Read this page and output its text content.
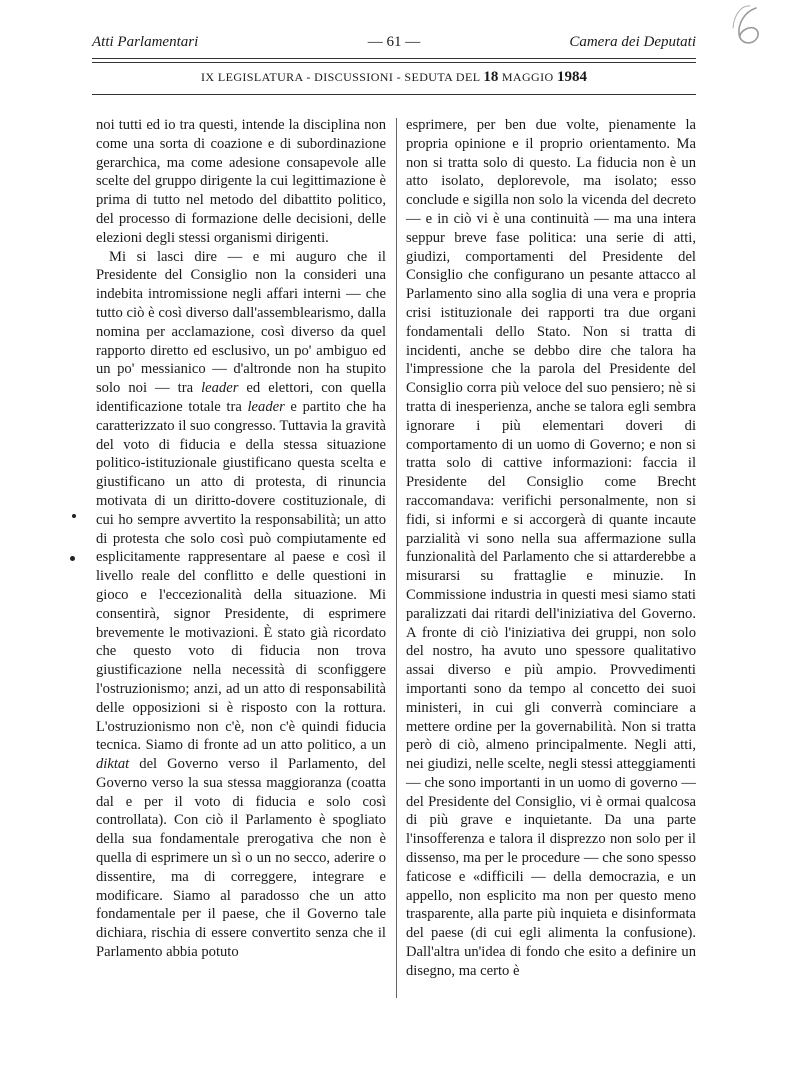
Atti Parlamentari	— 61 —	Camera dei Deputati
IX LEGISLATURA - DISCUSSIONI - SEDUTA DEL 18 MAGGIO 1984

noi tutti ed io tra questi, intende la disciplina non come una sorta di coazione e di subordinazione gerarchica, ma come adesione consapevole alle scelte del gruppo dirigente la cui legittimazione è prima di tutto nel metodo del dibattito politico, del processo di formazione delle decisioni, delle elezioni degli stessi organismi dirigenti.

Mi si lasci dire — e mi auguro che il Presidente del Consiglio non la consideri una indebita intromissione negli affari interni — che tutto ciò è così diverso dall'assemblearismo, dalla nomina per acclamazione, così diverso da quel rapporto diretto ed esclusivo, un po' ambiguo ed un po' messianico — d'altronde non ha stupito solo noi — tra leader ed elettori, con quella identificazione totale tra leader e partito che ha caratterizzato il suo congresso. Tuttavia la gravità del voto di fiducia e della stessa situazione politico-istituzionale giustificano questa scelta e giustificano un atto di protesta, di rinuncia motivata di un diritto-dovere costituzionale, di cui ho sempre avvertito la responsabilità; un atto di protesta che solo così può compiutamente ed esplicitamente rappresentare al paese e così il livello reale del conflitto e delle questioni in gioco e l'eccezionalità della situazione. Mi consentirà, signor Presidente, di esprimere brevemente le motivazioni. È stato già ricordato che questo voto di fiducia non trova giustificazione nella necessità di sconfiggere l'ostruzionismo; anzi, ad un atto di responsabilità delle opposizioni si è risposto con la rottura. L'ostruzionismo non c'è, non c'è quindi fiducia tecnica. Siamo di fronte ad un atto politico, a un diktat del Governo verso il Parlamento, del Governo verso la sua stessa maggioranza (coatta dal e per il voto di fiducia e solo così controllata). Con ciò il Parlamento è spogliato della sua fondamentale prerogativa che non è quella di esprimere un sì o un no secco, aderire o dissentire, ma di correggere, integrare e modificare. Siamo al paradosso che un atto fondamentale per il paese, che il Governo tale dichiara, rischia di essere convertito senza che il Parlamento abbia potuto

esprimere, per ben due volte, pienamente la propria opinione e il proprio orientamento. Ma non si tratta solo di questo. La fiducia non è un atto isolato, deplorevole, ma isolato; esso conclude e sigilla non solo la vicenda del decreto — e in ciò vi è una continuità — ma una intera seppur breve fase politica: una serie di atti, giudizi, comportamenti del Presidente del Consiglio che configurano un pesante attacco al Parlamento sino alla soglia di una vera e propria crisi istituzionale dei rapporti tra due organi fondamentali dello Stato. Non si tratta di incidenti, anche se debbo dire che talora ha l'impressione che la parola del Presidente del Consiglio corra più veloce del suo pensiero; nè si tratta di inesperienza, anche se talora egli sembra ignorare i più elementari doveri di comportamento di un uomo di Governo; e non si tratta solo di cattive informazioni: faccia il Presidente del Consiglio come Brecht raccomandava: verifichi personalmente, non si fidi, si informi e si accorgerà di quante incaute parzialità vi sono nella sua affermazione sulla funzionalità del Parlamento che si attarderebbe a misurarsi su frattaglie e minuzie. In Commissione industria in questi mesi siamo stati paralizzati dai ritardi dell'iniziativa del Governo. A fronte di ciò l'iniziativa dei gruppi, non solo del nostro, ha avuto uno spessore qualitativo assai diverso e più ampio. Provvedimenti importanti sono da tempo al concetto dei suoi ministeri, in cui gli converrà cominciare a mettere ordine per la governabilità. Non si tratta però di ciò, almeno principalmente. Negli atti, nei giudizi, nelle scelte, negli stessi atteggiamenti — che sono importanti in un uomo di governo — del Presidente del Consiglio, vi è ormai qualcosa di più grave e inquietante. Da una parte l'insofferenza e talora il disprezzo non solo per il dissenso, ma per le procedure — che sono spesso faticose e «difficili — della democrazia, e un appello, non esplicito ma non per questo meno trasparente, alla parte più inquieta e disinformata del paese (di cui egli alimenta la confusione). Dall'altra un'idea di fondo che esito a definire un disegno, ma certo è
